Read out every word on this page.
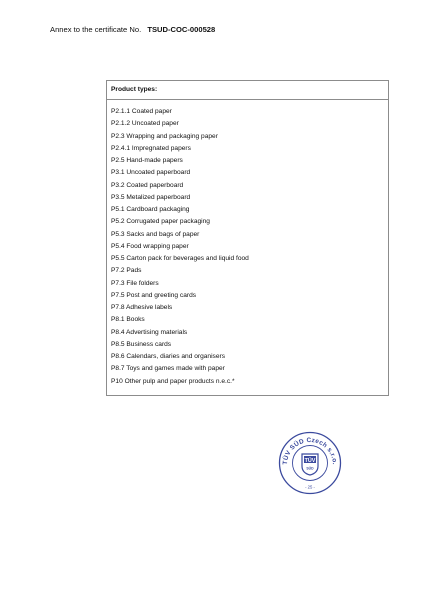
Annex to the certificate No. TSUD-COC-000528
Product types:
P2.1.1 Coated paper
P2.1.2 Uncoated paper
P2.3 Wrapping and packaging paper
P2.4.1 Impregnated papers
P2.5 Hand-made papers
P3.1 Uncoated paperboard
P3.2 Coated paperboard
P3.5 Metalized paperboard
P5.1 Cardboard packaging
P5.2 Corrugated paper packaging
P5.3 Sacks and bags of paper
P5.4 Food wrapping paper
P5.5 Carton pack for beverages and liquid food
P7.2 Pads
P7.3 File folders
P7.5 Post and greeting cards
P7.8 Adhesive labels
P8.1 Books
P8.4 Advertising materials
P8.5 Business cards
P8.6 Calendars, diaries and organisers
P8.7 Toys and games made with paper
P10 Other pulp and paper products n.e.c.*
TÜV SÜD Czech s.r.o.
TÜV
SÜD
- 25 -
